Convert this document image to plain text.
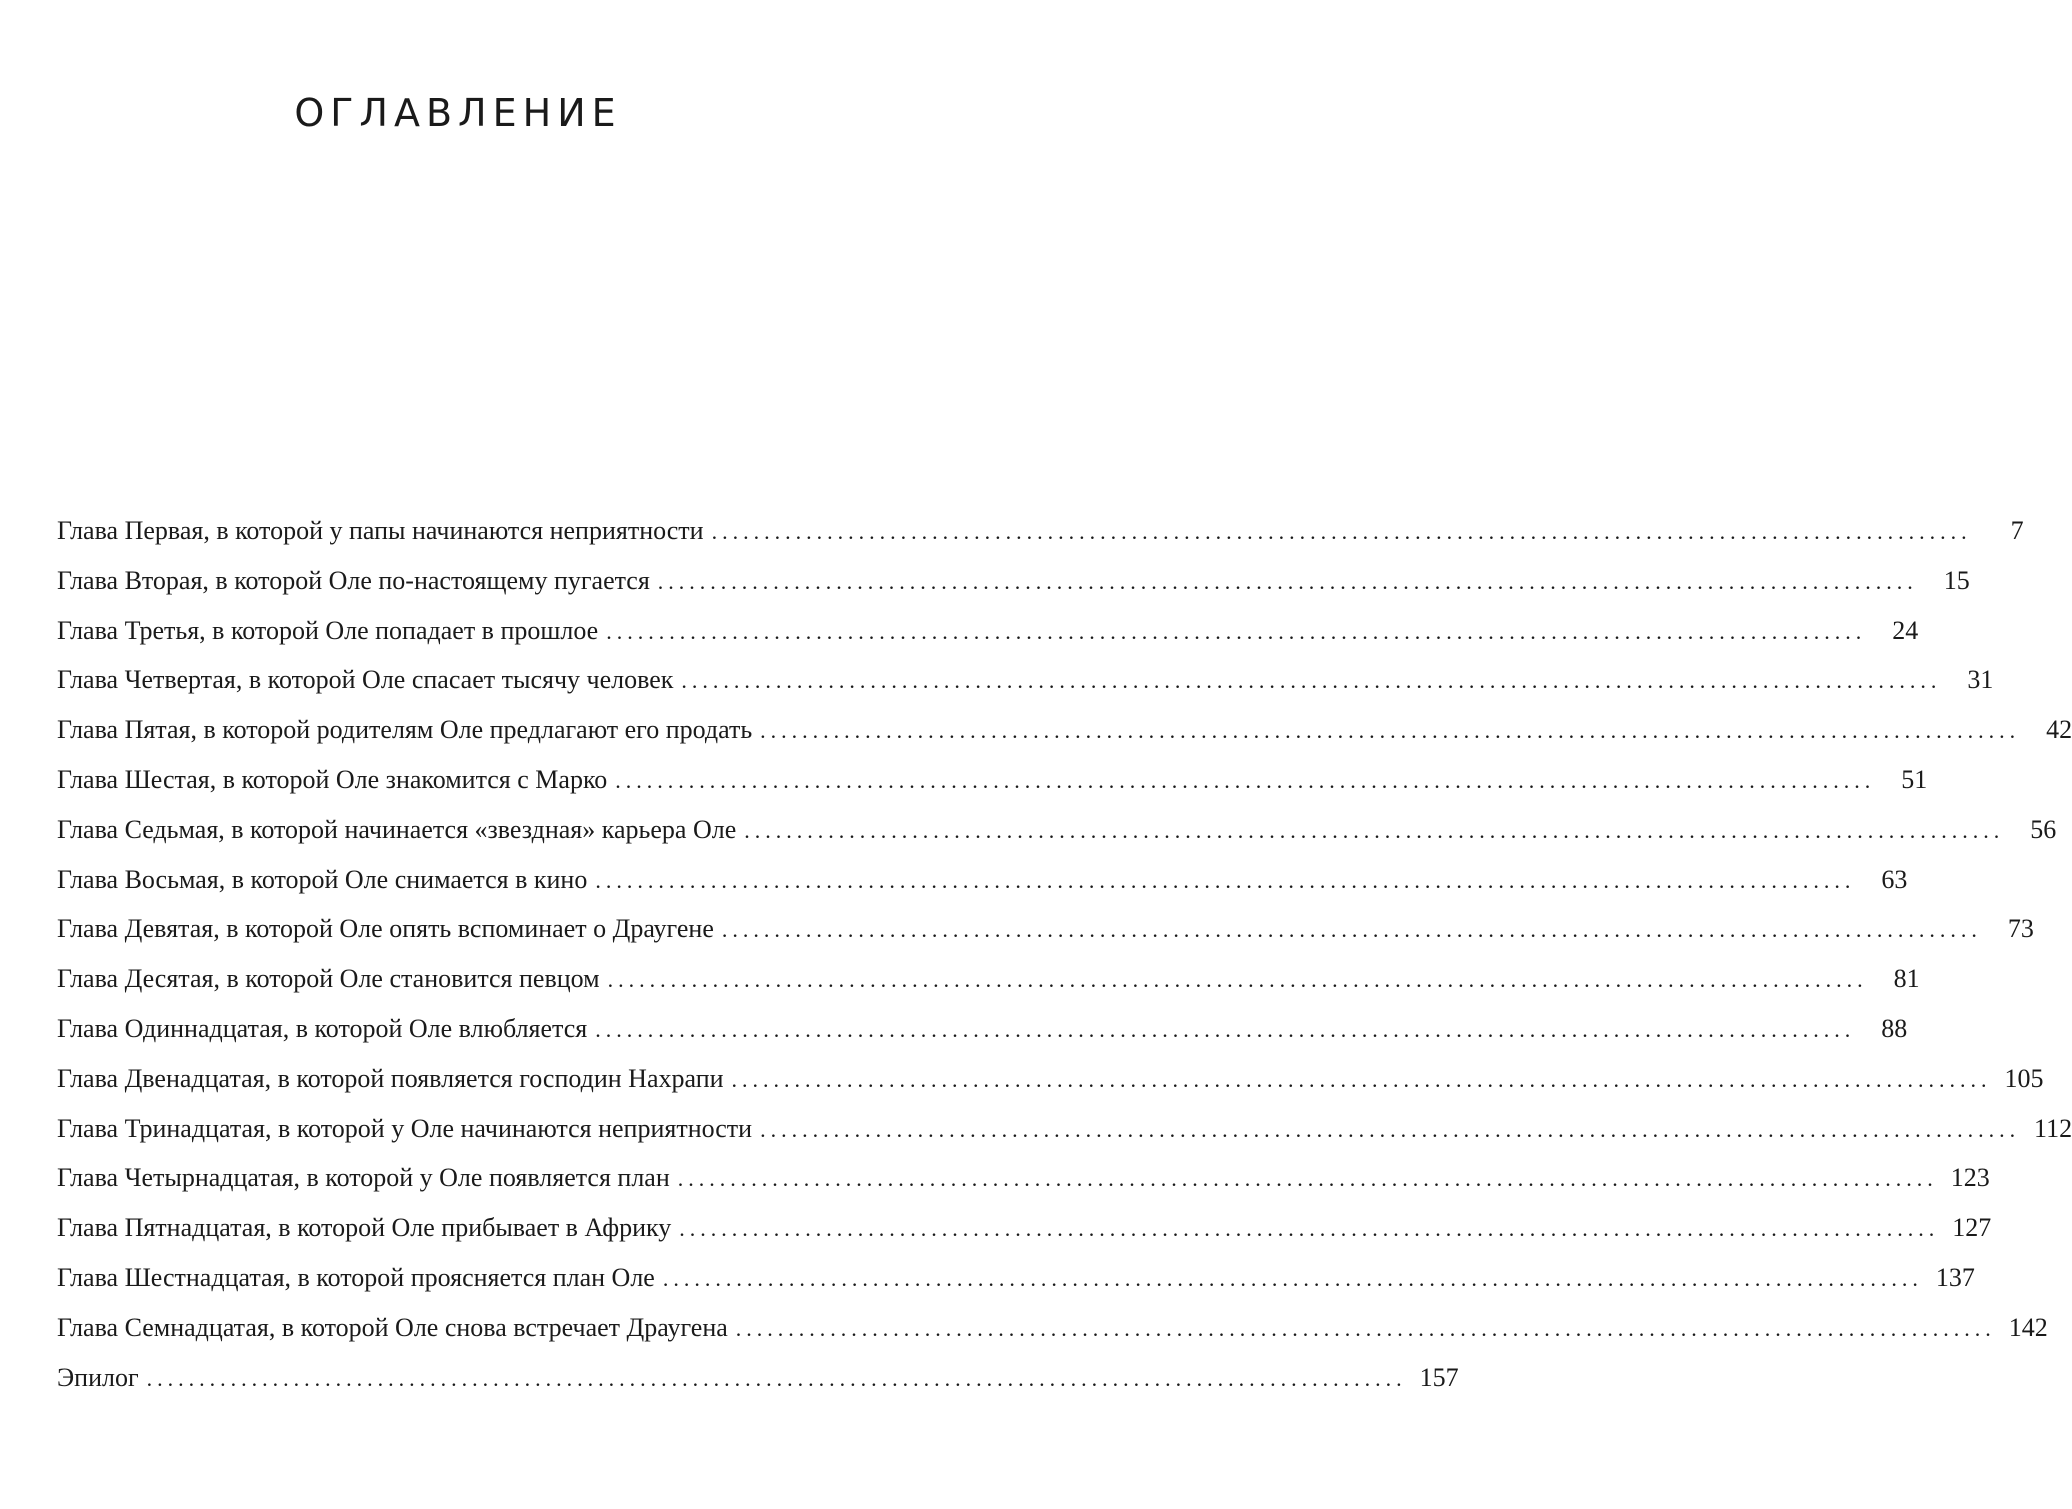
ОГЛАВЛЕНИЕ
Глава Первая, в которой у папы начинаются неприятности ........................................................................................................................	7
Глава Вторая, в которой Оле по-настоящему пугается ........................................................................................................................	15
Глава Третья, в которой Оле попадает в прошлое ........................................................................................................................	24
Глава Четвертая, в которой Оле спасает тысячу человек ........................................................................................................................	31
Глава Пятая, в которой родителям Оле предлагают его продать ........................................................................................................................	42
Глава Шестая, в которой Оле знакомится с Марко ........................................................................................................................	51
Глава Седьмая, в которой начинается «звездная» карьера Оле ........................................................................................................................	56
Глава Восьмая, в которой Оле снимается в кино ........................................................................................................................	63
Глава Девятая, в которой Оле опять вспоминает о Драугене ........................................................................................................................	73
Глава Десятая, в которой Оле становится певцом ........................................................................................................................	81
Глава Одиннадцатая, в которой Оле влюбляется ........................................................................................................................	88
Глава Двенадцатая, в которой появляется господин Нахрапи ........................................................................................................................ 105
Глава Тринадцатая, в которой у Оле начинаются неприятности ........................................................................................................................ 112
Глава Четырнадцатая, в которой у Оле появляется план ........................................................................................................................ 123
Глава Пятнадцатая, в которой Оле прибывает в Африку ........................................................................................................................ 127
Глава Шестнадцатая, в которой проясняется план Оле ........................................................................................................................ 137
Глава Семнадцатая, в которой Оле снова встречает Драугена ........................................................................................................................ 142
Эпилог ........................................................................................................................ 157
